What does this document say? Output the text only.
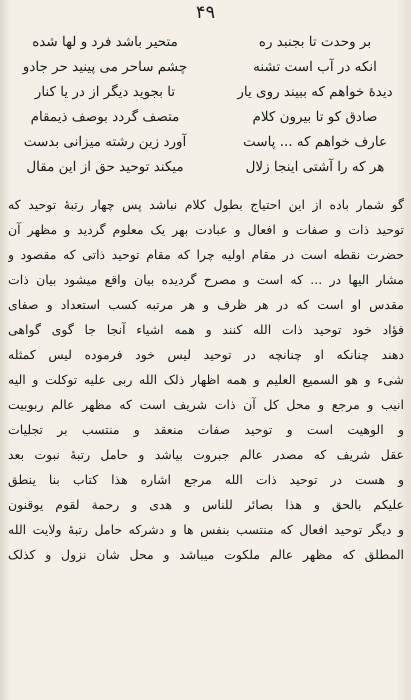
۴۹
بر وحدت تا بجنبد ره
متحیر باشد فرد و لها شده
انکه در آب است تشنه
چشم ساحر می پینید حر جادو
دیدهٔ خواهم که ببیند روی یار
تا بجوید دیگر از در یا کنار
صادق کو تا بیرون کلام
متصف گردد بوصف ذیمقام
عارف خواهم که ... پاست
آورد زین رشته میزانی بدست
هر که را آشتی اینجا زلال
میکند توحید حق از این مقال
گو شمار باده از این احتیاج بطول کلام نباشد پس چهار رتبهٔ توحید که
توحید ذات و صفات و افعال و عبادت بهر یک معلوم گردید و مظهر آن
حضرت نقطه است در مقام اولیه چرا که مقام توحید ذاتی که مقصود و
مشار الیها در ... که است و مصرح گردیده بیان واقع میشود بیان ذات
مقدس او است که در هر ظرف و هر مرتبه کسب استعداد و صفای
فؤاد خود توحید ذات الله کنند و همه اشیاء آنجا جا گوی گواهی
دهند چنانکه او چنانچه در توحید لیس خود فرموده لیس کمثله
شیء و هو السمیع العلیم و همه اظهار ذلک الله ربی علیه توکلت و الیه
انیب و مرجع و محل کل آن ذات شریف است که مظهر عالم ربوبیت
و الوهیت است و توحید صفات منعقد و منتسب بر تجلیات
عقل شریف که مصدر عالم جبروت بیاشد و حامل رتبهٔ نبوت بعد
و هست در توحید ذات الله مرجع اشاره هذا کتاب بنا ینطق
علیکم بالحق و هذا بصائر للناس و هدی و رحمة لقوم یوقنون
و دیگر توحید افعال که منتسب بنفس ها و دشرکه حامل رتبهٔ ولایت الله
المطلق که مظهر عالم ملکوت میباشد و محل شان نزول و کذلک
